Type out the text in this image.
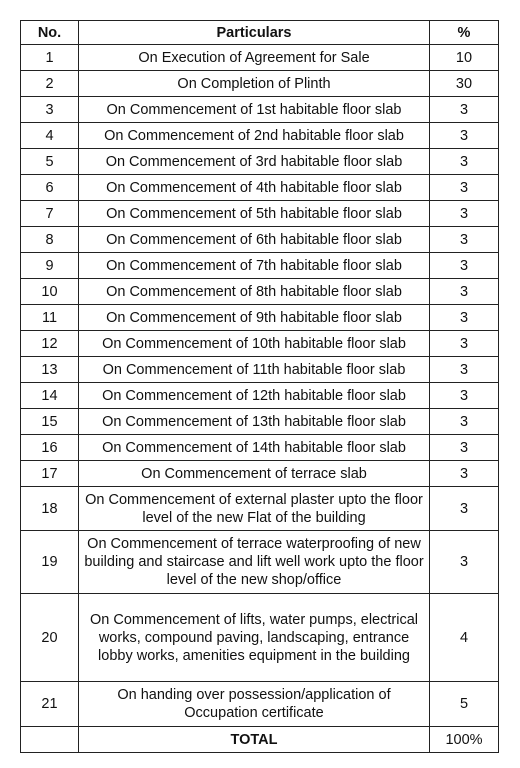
No.	Particulars	%
1	On Execution of Agreement for Sale	10
2	On Completion of Plinth	30
3	On Commencement of 1st habitable floor slab	3
4	On Commencement of 2nd habitable floor slab	3
5	On Commencement of 3rd habitable floor slab	3
6	On Commencement of 4th habitable floor slab	3
7	On Commencement of 5th habitable floor slab	3
8	On Commencement of 6th habitable floor slab	3
9	On Commencement of 7th habitable floor slab	3
10	On Commencement of 8th habitable floor slab	3
11	On Commencement of 9th habitable floor slab	3
12	On Commencement of 10th habitable floor slab	3
13	On Commencement of 11th habitable floor slab	3
14	On Commencement of 12th habitable floor slab	3
15	On Commencement of 13th habitable floor slab	3
16	On Commencement of 14th habitable floor slab	3
17	On Commencement of terrace slab	3
18	On Commencement of external plaster upto the floor level of the new Flat of the building	3
19	On Commencement of terrace waterproofing of new building and staircase and lift well work upto the floor level of the new shop/office	3
20	On Commencement of lifts, water pumps, electrical works, compound paving, landscaping, entrance lobby works, amenities equipment in the building	4
21	On handing over possession/application of Occupation certificate	5
	TOTAL	100%
